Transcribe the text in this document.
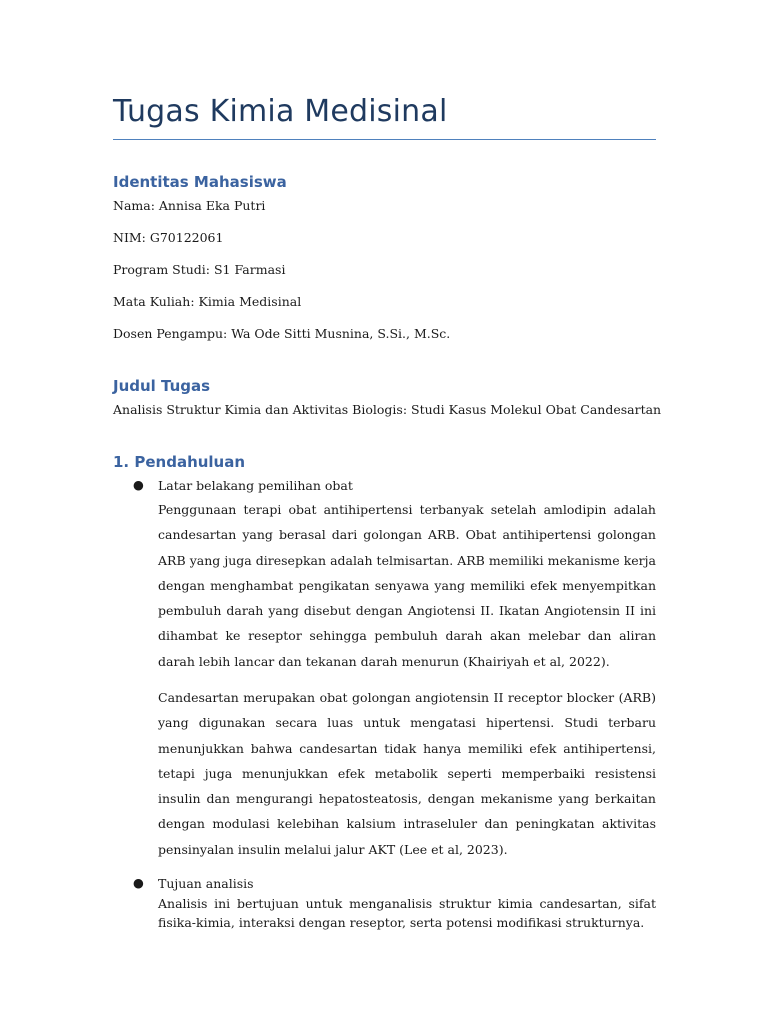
Tugas Kimia Medisinal
Identitas Mahasiswa
Nama: Annisa Eka Putri
NIM: G70122061
Program Studi: S1 Farmasi
Mata Kuliah: Kimia Medisinal
Dosen Pengampu: Wa Ode Sitti Musnina, S.Si., M.Sc.
Judul Tugas
Analisis Struktur Kimia dan Aktivitas Biologis: Studi Kasus Molekul Obat Candesartan
1. Pendahuluan
● Latar belakang pemilihan obat

Penggunaan terapi obat antihipertensi terbanyak setelah amlodipin adalah candesartan yang berasal dari golongan ARB. Obat antihipertensi golongan ARB yang juga diresepkan adalah telmisartan. ARB memiliki mekanisme kerja dengan menghambat pengikatan senyawa yang memiliki efek menyempitkan pembuluh darah yang disebut dengan Angiotensi II. Ikatan Angiotensin II ini dihambat ke reseptor sehingga pembuluh darah akan melebar dan aliran darah lebih lancar dan tekanan darah menurun (Khairiyah et al, 2022).

Candesartan merupakan obat golongan angiotensin II receptor blocker (ARB) yang digunakan secara luas untuk mengatasi hipertensi. Studi terbaru menunjukkan bahwa candesartan tidak hanya memiliki efek antihipertensi, tetapi juga menunjukkan efek metabolik seperti memperbaiki resistensi insulin dan mengurangi hepatosteatosis, dengan mekanisme yang berkaitan dengan modulasi kelebihan kalsium intraseluler dan peningkatan aktivitas pensinyalan insulin melalui jalur AKT (Lee et al, 2023).

● Tujuan analisis

Analisis ini bertujuan untuk menganalisis struktur kimia candesartan, sifat fisika-kimia, interaksi dengan reseptor, serta potensi modifikasi strukturnya.
